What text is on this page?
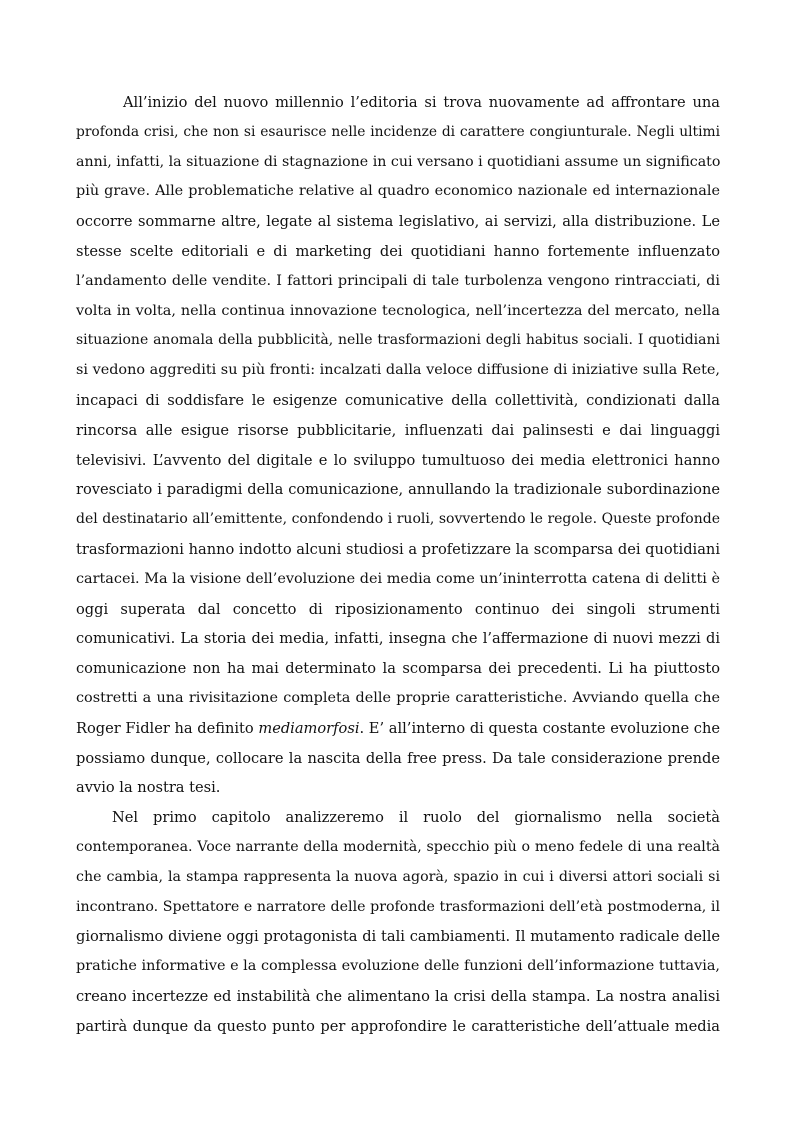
All’inizio del nuovo millennio l’editoria si trova nuovamente ad affrontare una
profonda crisi, che non si esaurisce nelle incidenze di carattere congiunturale. Negli ultimi
anni, infatti, la situazione di stagnazione in cui versano i quotidiani assume un significato
più grave. Alle problematiche relative al quadro economico nazionale ed internazionale
occorre sommarne altre, legate al sistema legislativo, ai servizi, alla distribuzione. Le
stesse scelte editoriali e di marketing dei quotidiani hanno fortemente influenzato
l’andamento delle vendite. I fattori principali di tale turbolenza vengono rintracciati, di
volta in volta, nella continua innovazione tecnologica, nell’incertezza del mercato, nella
situazione anomala della pubblicità, nelle trasformazioni degli habitus sociali. I quotidiani
si vedono aggrediti su più fronti: incalzati dalla veloce diffusione di iniziative sulla Rete,
incapaci di soddisfare le esigenze comunicative della collettività, condizionati dalla
rincorsa alle esigue risorse pubblicitarie, influenzati dai palinsesti e dai linguaggi
televisivi. L’avvento del digitale e lo sviluppo tumultuoso dei media elettronici hanno
rovesciato i paradigmi della comunicazione, annullando la tradizionale subordinazione
del destinatario all’emittente, confondendo i ruoli, sovvertendo le regole. Queste profonde
trasformazioni hanno indotto alcuni studiosi a profetizzare la scomparsa dei quotidiani
cartacei. Ma la visione dell’evoluzione dei media come un’ininterrotta catena di delitti è
oggi superata dal concetto di riposizionamento continuo dei singoli strumenti
comunicativi. La storia dei media, infatti, insegna che l’affermazione di nuovi mezzi di
comunicazione non ha mai determinato la scomparsa dei precedenti. Li ha piuttosto
costretti a una rivisitazione completa delle proprie caratteristiche. Avviando quella che
Roger Fidler ha definito mediamorfosi. E’ all’interno di questa costante evoluzione che
possiamo dunque, collocare la nascita della free press. Da tale considerazione prende
avvio la nostra tesi.

Nel primo capitolo analizzeremo il ruolo del giornalismo nella società
contemporanea. Voce narrante della modernità, specchio più o meno fedele di una realtà
che cambia, la stampa rappresenta la nuova agorà, spazio in cui i diversi attori sociali si
incontrano. Spettatore e narratore delle profonde trasformazioni dell’età postmoderna, il
giornalismo diviene oggi protagonista di tali cambiamenti. Il mutamento radicale delle
pratiche informative e la complessa evoluzione delle funzioni dell’informazione tuttavia,
creano incertezze ed instabilità che alimentano la crisi della stampa. La nostra analisi
partirà dunque da questo punto per approfondire le caratteristiche dell’attuale media
